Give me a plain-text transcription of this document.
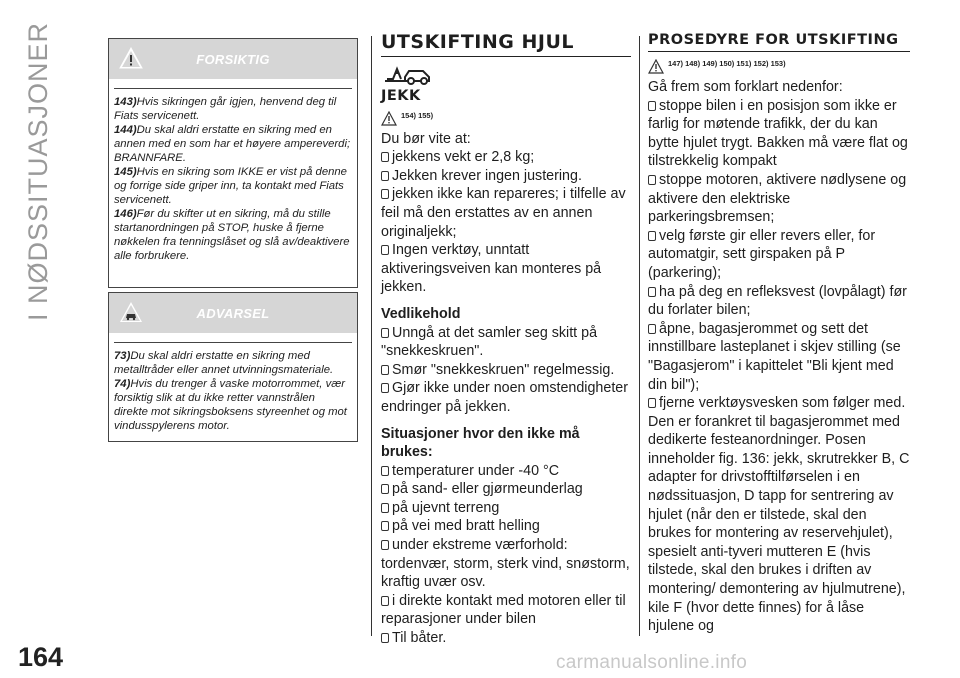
I NØDSSITUASJONER
164	carmanualsonline.info
FORSIKTIG

143)Hvis sikringen går igjen, henvend deg til Fiats servicenett.

144)Du skal aldri erstatte en sikring med en annen med en som har et høyere ampereverdi; BRANNFARE.

145)Hvis en sikring som IKKE er vist på denne og forrige side griper inn, ta kontakt med Fiats servicenett.

146)Før du skifter ut en sikring, må du stille startanordningen på STOP, huske å fjerne nøkkelen fra tenningslåset og slå av/deaktivere alle forbrukere.

ADVARSEL

73)Du skal aldri erstatte en sikring med metalltråder eller annet utvinningsmateriale.

74)Hvis du trenger å vaske motorrommet, vær forsiktig slik at du ikke retter vannstrålen direkte mot sikringsboksens styreenhet og mot vindusspylerens motor.

UTSKIFTING HJUL
JEKK
154) 155)

Du bør vite at:

jekkens vekt er 2,8 kg;

Jekken krever ingen justering.

jekken ikke kan repareres; i tilfelle av feil må den erstattes av en annen originaljekk;

Ingen verktøy, unntatt aktiveringsveiven kan monteres på jekken.

Vedlikehold

Unngå at det samler seg skitt på "snekkeskruen".

Smør "snekkeskruen" regelmessig.

Gjør ikke under noen omstendigheter endringer på jekken.

Situasjoner hvor den ikke må brukes:

temperaturer under -40 °C

på sand- eller gjørmeunderlag

på ujevnt terreng

på vei med bratt helling

under ekstreme værforhold: tordenvær, storm, sterk vind, snøstorm, kraftig uvær osv.

i direkte kontakt med motoren eller til reparasjoner under bilen

Til båter.

PROSEDYRE FOR UTSKIFTING
147) 148) 149) 150) 151) 152) 153)

Gå frem som forklart nedenfor:

stoppe bilen i en posisjon som ikke er farlig for møtende trafikk, der du kan bytte hjulet trygt. Bakken må være flat og tilstrekkelig kompakt

stoppe motoren, aktivere nødlysene og aktivere den elektriske parkeringsbremsen;

velg første gir eller revers eller, for automatgir, sett girspaken på P (parkering);

ha på deg en refleksvest (lovpålagt) før du forlater bilen;

åpne, bagasjerommet og sett det innstillbare lasteplanet i skjev stilling (se "Bagasjerom" i kapittelet "Bli kjent med din bil");

fjerne verktøysvesken som følger med. Den er forankret til bagasjerommet med dedikerte festeanordninger. Posen inneholder fig. 136: jekk, skrutrekker B, C adapter for drivstofftilførselen i en nødssituasjon, D tapp for sentrering av hjulet (når den er tilstede, skal den brukes for montering av reservehjulet), spesielt anti-tyveri mutteren E (hvis tilstede, skal den brukes i driften av montering/ demontering av hjulmutrene), kile F (hvor dette finnes) for å låse hjulene og
